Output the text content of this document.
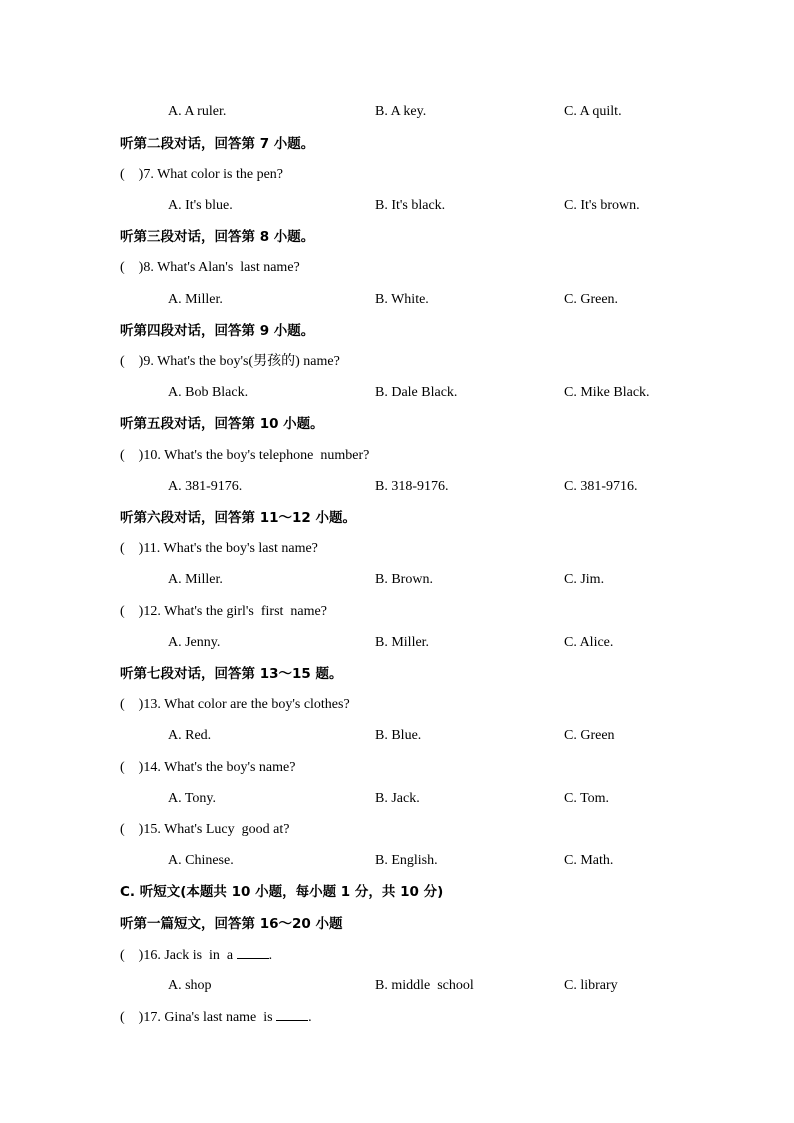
A. A ruler.	B. A key.	C. A quilt.
听第二段对话，回答第 7 小题。
(    )7. What color is the pen?
A. It's blue.	B. It's black.	C. It's brown.
听第三段对话，回答第 8 小题。
(    )8. What's Alan's  last name?
A. Miller.	B. White.	C. Green.
听第四段对话，回答第 9 小题。
(    )9. What's the boy's(男孩的) name?
A. Bob Black.	B. Dale Black.	C. Mike Black.
听第五段对话，回答第 10 小题。
(    )10. What's the boy's telephone  number?
A. 381-9176.	B. 318-9176.	C. 381-9716.
听第六段对话，回答第 11～12 小题。
(    )11. What's the boy's last name?
A. Miller.	B. Brown.	C. Jim.
(    )12. What's the girl's  first  name?
A. Jenny.	B. Miller.	C. Alice.
听第七段对话，回答第 13～15 题。
(    )13. What color are the boy's clothes?
A. Red.	B. Blue.	C. Green
(    )14. What's the boy's name?
A. Tony.	B. Jack.	C. Tom.
(    )15. What's Lucy  good at?
A. Chinese.	B. English.	C. Math.
C. 听短文(本题共 10 小题，每小题 1 分，共 10 分)
听第一篇短文，回答第 16～20 小题
(    )16. Jack is  in  a	.
A. shop	B. middle  school	C. library
(    )17. Gina's last name  is	.
